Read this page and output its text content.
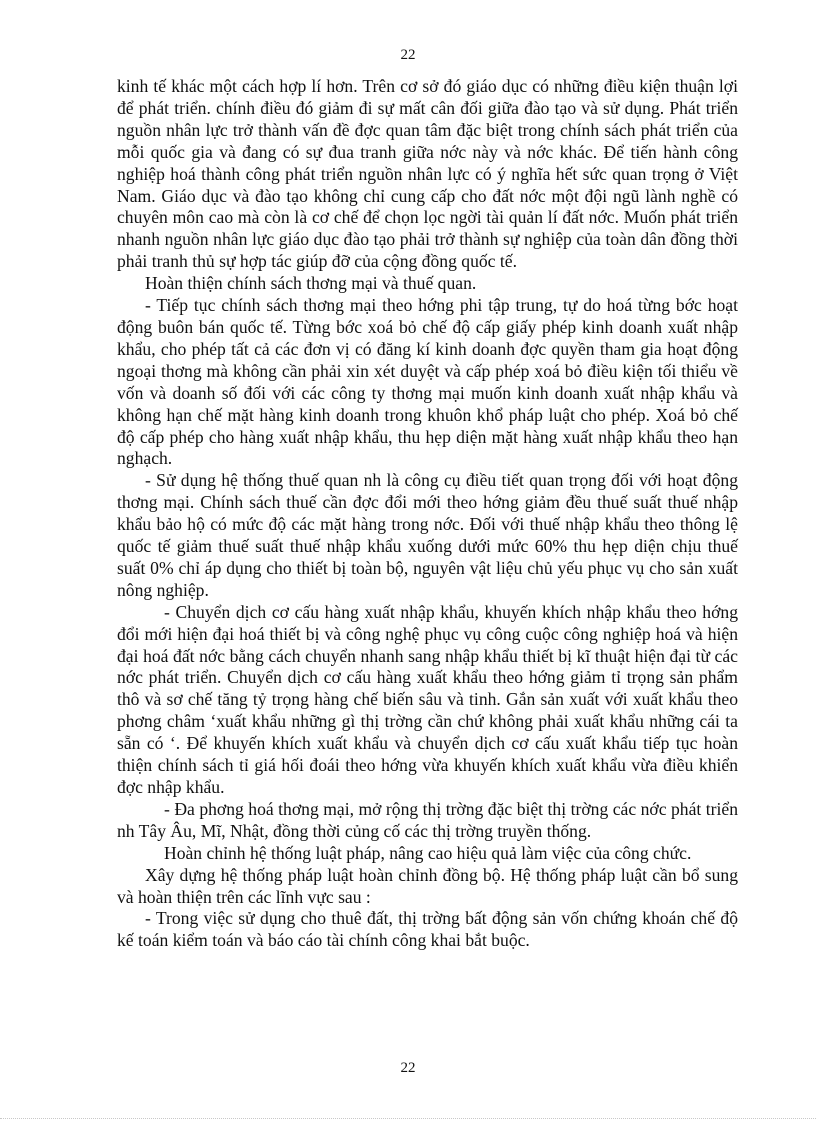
22

kinh tế khác một cách hợp lí hơn. Trên cơ sở đó giáo dục có những điều kiện thuận lợi để phát triển. chính điều đó giảm đi sự mất cân đối giữa đào tạo và sử dụng. Phát triển nguồn nhân lực trở thành vấn đề đợc quan tâm đặc biệt trong chính sách phát triển của mỗi quốc gia và đang có sự đua tranh giữa nớc này và nớc khác. Để tiến hành công nghiệp hoá thành công phát triển nguồn nhân lực có ý nghĩa hết sức quan trọng ở Việt Nam. Giáo dục và đào tạo không chỉ cung cấp cho đất nớc một đội ngũ lành nghề có chuyên môn cao mà còn là cơ chế để chọn lọc ngời tài quản lí đất nớc. Muốn phát triển nhanh nguồn nhân lực giáo dục đào tạo phải trở thành sự nghiệp của toàn dân đồng thời phải tranh thủ sự hợp tác giúp đỡ của cộng đồng quốc tế.

Hoàn thiện chính sách thơng mại và thuế quan.

- Tiếp tục chính sách thơng mại theo hớng phi tập trung, tự do hoá từng bớc hoạt động buôn bán quốc tế. Từng bớc xoá bỏ chế độ cấp giấy phép kinh doanh xuất nhập khẩu, cho phép tất cả các đơn vị có đăng kí kinh doanh đợc quyền tham gia hoạt động ngoại thơng mà không cần phải xin xét duyệt và cấp phép xoá bỏ điều kiện tối thiểu về vốn và doanh số đối với các công ty thơng mại muốn kinh doanh xuất nhập khẩu và không hạn chế mặt hàng kinh doanh trong khuôn khổ pháp luật cho phép. Xoá bỏ chế độ cấp phép cho hàng xuất nhập khẩu, thu hẹp diện mặt hàng xuất nhập khẩu theo hạn nghạch.

- Sử dụng hệ thống thuế quan nh là công cụ điều tiết quan trọng đối với hoạt động thơng mại. Chính sách thuế cần đợc đổi mới theo hớng giảm đều thuế suất thuế nhập khẩu bảo hộ có mức độ các mặt hàng trong nớc. Đối với thuế nhập khẩu theo thông lệ quốc tế giảm thuế suất thuế nhập khẩu xuống dưới mức 60% thu hẹp diện chịu thuế suất 0% chỉ áp dụng cho thiết bị toàn bộ, nguyên vật liệu chủ yếu phục vụ cho sản xuất nông nghiệp.

- Chuyển dịch cơ cấu hàng xuất nhập khẩu, khuyến khích nhập khẩu theo hớng đổi mới hiện đại hoá thiết bị và công nghệ phục vụ công cuộc công nghiệp hoá và hiện đại hoá đất nớc bằng cách chuyển nhanh sang nhập khẩu thiết bị kĩ thuật hiện đại từ các nớc phát triển. Chuyển dịch cơ cấu hàng xuất khẩu theo hớng giảm tỉ trọng sản phẩm thô và sơ chế tăng tỷ trọng hàng chế biến sâu và tinh. Gắn sản xuất với xuất khẩu theo phơng châm ‘xuất khẩu những gì thị trờng cần chứ không phải xuất khẩu những cái ta sẵn có ‘. Để khuyến khích xuất khẩu và chuyển dịch cơ cấu xuất khẩu tiếp tục hoàn thiện chính sách tỉ giá hối đoái theo hớng vừa khuyến khích xuất khẩu vừa điều khiển đợc nhập khẩu.

- Đa phơng hoá thơng mại, mở rộng thị trờng đặc biệt thị trờng các nớc phát triển nh Tây Âu, Mĩ, Nhật, đồng thời củng cố các thị trờng truyền thống.

Hoàn chỉnh hệ thống luật pháp, nâng cao hiệu quả làm việc của công chức.

Xây dựng hệ thống pháp luật hoàn chỉnh đồng bộ. Hệ thống pháp luật cần bổ sung và hoàn thiện trên các lĩnh vực sau :

- Trong việc sử dụng cho thuê đất, thị trờng bất động sản vốn chứng khoán chế độ kế toán kiểm toán và báo cáo tài chính công khai bắt buộc.

22
